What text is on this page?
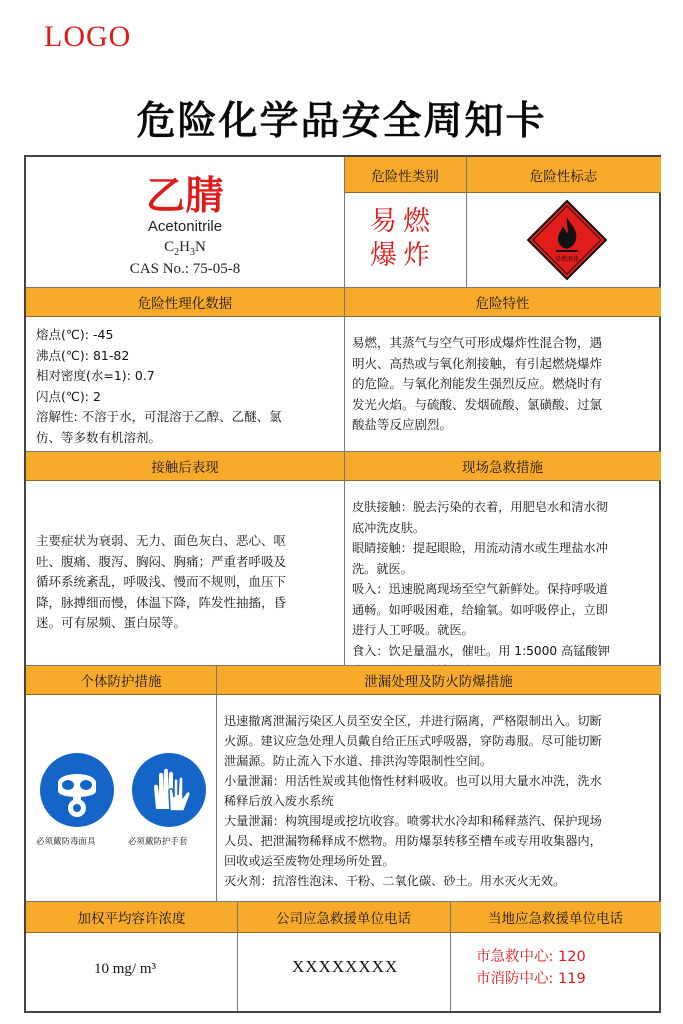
LOGO
危险化学品安全周知卡
乙腈
Acetonitrile
$C_2H_3N$
CAS No.: 75-05-8
危险性类别	危险性标志
易燃
爆炸	易燃液体
危险性理化数据	危险特性
熔点(℃): -45
沸点(℃): 81-82
相对密度(水=1): 0.7
闪点(℃): 2
溶解性: 不溶于水，可混溶于乙醇、乙醚、氯
仿、等多数有机溶剂。
易燃，其蒸气与空气可形成爆炸性混合物，遇
明火、高热或与氧化剂接触，有引起燃烧爆炸
的危险。与氧化剂能发生强烈反应。燃烧时有
发光火焰。与硫酸、发烟硫酸、氯磺酸、过氯
酸盐等反应剧烈。
接触后表现	现场急救措施
主要症状为衰弱、无力、面色灰白、恶心、呕
吐、腹痛、腹泻、胸闷、胸痛；严重者呼吸及
循环系统紊乱，呼吸浅、慢而不规则，血压下
降，脉搏细而慢，体温下降，阵发性抽搐，昏
迷。可有尿频、蛋白尿等。
皮肤接触：脱去污染的衣着，用肥皂水和清水彻
底冲洗皮肤。
眼睛接触：提起眼睑，用流动清水或生理盐水冲
洗。就医。
吸入：迅速脱离现场至空气新鲜处。保持呼吸道
通畅。如呼吸困难，给输氧。如呼吸停止，立即
进行人工呼吸。就医。
食入：饮足量温水，催吐。用 1:5000 高锰酸钾
个体防护措施	泄漏处理及防火防爆措施
必须戴防毒面具	必须戴防护手套
迅速撤离泄漏污染区人员至安全区，并进行隔离，严格限制出入。切断
火源。建议应急处理人员戴自给正压式呼吸器，穿防毒服。尽可能切断
泄漏源。防止流入下水道、排洪沟等限制性空间。
小量泄漏：用活性炭或其他惰性材料吸收。也可以用大量水冲洗，洗水
稀释后放入废水系统
大量泄漏：构筑围堤或挖坑收容。喷雾状水冷却和稀释蒸汽、保护现场
人员、把泄漏物稀释成不燃物。用防爆泵转移至槽车或专用收集器内，
回收或运至废物处理场所处置。
灭火剂：抗溶性泡沫、干粉、二氧化碳、砂土。用水灭火无效。
加权平均容许浓度	公司应急救援单位电话	当地应急救援单位电话
10 mg/ m³	XXXXXXXX	市急救中心: 120
市消防中心: 119
